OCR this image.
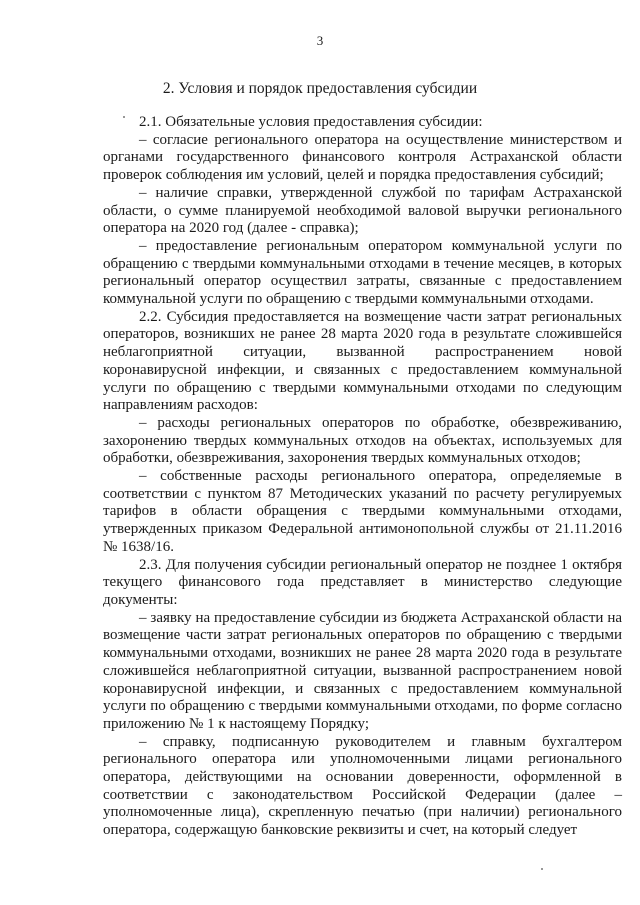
3
2. Условия и порядок предоставления субсидии

2.1. Обязательные условия предоставления субсидии:

– согласие регионального оператора на осуществление министерством и органами государственного финансового контроля Астраханской области проверок соблюдения им условий, целей и порядка предоставления субсидий;

– наличие справки, утвержденной службой по тарифам Астраханской области, о сумме планируемой необходимой валовой выручки регионального оператора на 2020 год (далее - справка);

– предоставление региональным оператором коммунальной услуги по обращению с твердыми коммунальными отходами в течение месяцев, в которых региональный оператор осуществил затраты, связанные с предоставлением коммунальной услуги по обращению с твердыми коммунальными отходами.

2.2. Субсидия предоставляется на возмещение части затрат региональных операторов, возникших не ранее 28 марта 2020 года в результате сложившейся неблагоприятной ситуации, вызванной распространением новой коронавирусной инфекции, и связанных с предоставлением коммунальной услуги по обращению с твердыми коммунальными отходами по следующим направлениям расходов:

– расходы региональных операторов по обработке, обезвреживанию, захоронению твердых коммунальных отходов на объектах, используемых для обработки, обезвреживания, захоронения твердых коммунальных отходов;

– собственные расходы регионального оператора, определяемые в соответствии с пунктом 87 Методических указаний по расчету регулируемых тарифов в области обращения с твердыми коммунальными отходами, утвержденных приказом Федеральной антимонопольной службы от 21.11.2016 № 1638/16.

2.3. Для получения субсидии региональный оператор не позднее 1 октября текущего финансового года представляет в министерство следующие документы:

– заявку на предоставление субсидии из бюджета Астраханской области на возмещение части затрат региональных операторов по обращению с твердыми коммунальными отходами, возникших не ранее 28 марта 2020 года в результате сложившейся неблагоприятной ситуации, вызванной распространением новой коронавирусной инфекции, и связанных с предоставлением коммунальной услуги по обращению с твердыми коммунальными отходами, по форме согласно приложению № 1 к настоящему Порядку;

– справку, подписанную руководителем и главным бухгалтером регионального оператора или уполномоченными лицами регионального оператора, действующими на основании доверенности, оформленной в соответствии с законодательством Российской Федерации (далее – уполномоченные лица), скрепленную печатью (при наличии) регионального оператора, содержащую банковские реквизиты и счет, на который следует
